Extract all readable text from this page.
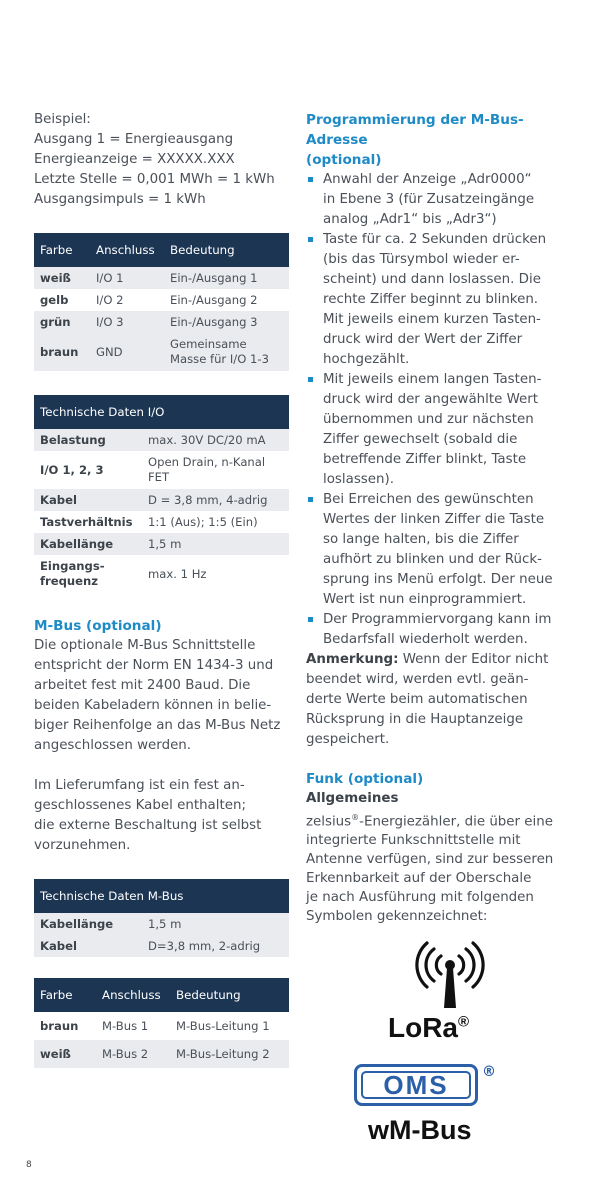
Beispiel:
Ausgang 1 = Energieausgang
Energieanzeige = XXXXX.XXX
Letzte Stelle = 0,001 MWh = 1 kWh
Ausgangsimpuls = 1 kWh
Farbe	Anschluss	Bedeutung
weiß	I/O 1	Ein-/Ausgang 1
gelb	I/O 2	Ein-/Ausgang 2
grün	I/O 3	Ein-/Ausgang 3
braun	GND	Gemeinsame Masse für I/O 1-3
Technische Daten I/O
Belastung	max. 30V DC/20 mA
I/O 1, 2, 3	Open Drain, n-Kanal FET
Kabel	D = 3,8 mm, 4-adrig
Tastverhältnis	1:1 (Aus); 1:5 (Ein)
Kabellänge	1,5 m
Eingangs-frequenz	max. 1 Hz
M-Bus (optional)
Die optionale M-Bus Schnittstelle
entspricht der Norm EN 1434-3 und
arbeitet fest mit 2400 Baud. Die
beiden Kabeladern können in belie-
biger Reihenfolge an das M-Bus Netz
angeschlossen werden.
Im Lieferumfang ist ein fest an-
geschlossenes Kabel enthalten;
die externe Beschaltung ist selbst
vorzunehmen.
Technische Daten M-Bus
Kabellänge	1,5 m
Kabel	D=3,8 mm, 2-adrig
Farbe	Anschluss	Bedeutung
braun	M-Bus 1	M-Bus-Leitung 1
weiß	M-Bus 2	M-Bus-Leitung 2
Programmierung der M-Bus-Adresse
(optional)
Anwahl der Anzeige „Adr0000“
in Ebene 3 (für Zusatzeingänge
analog „Adr1“ bis „Adr3“)
Taste für ca. 2 Sekunden drücken
(bis das Türsymbol wieder er-
scheint) und dann loslassen. Die
rechte Ziffer beginnt zu blinken.
Mit jeweils einem kurzen Tasten-
druck wird der Wert der Ziffer
hochgezählt.
Mit jeweils einem langen Tasten-
druck wird der angewählte Wert
übernommen und zur nächsten
Ziffer gewechselt (sobald die
betreffende Ziffer blinkt, Taste
loslassen).
Bei Erreichen des gewünschten
Wertes der linken Ziffer die Taste
so lange halten, bis die Ziffer
aufhört zu blinken und der Rück-
sprung ins Menü erfolgt. Der neue
Wert ist nun einprogrammiert.
Der Programmiervorgang kann im
Bedarfsfall wiederholt werden.
Anmerkung: Wenn der Editor nicht
beendet wird, werden evtl. geän-
derte Werte beim automatischen
Rücksprung in die Hauptanzeige
gespeichert.
Funk (optional)
Allgemeines
zelsius®-Energiezähler, die über eine
integrierte Funkschnittstelle mit
Antenne verfügen, sind zur besseren
Erkennbarkeit auf der Oberschale
je nach Ausführung mit folgenden
Symbolen gekennzeichnet:
LoRa®
OMS	®
wM-Bus
8
